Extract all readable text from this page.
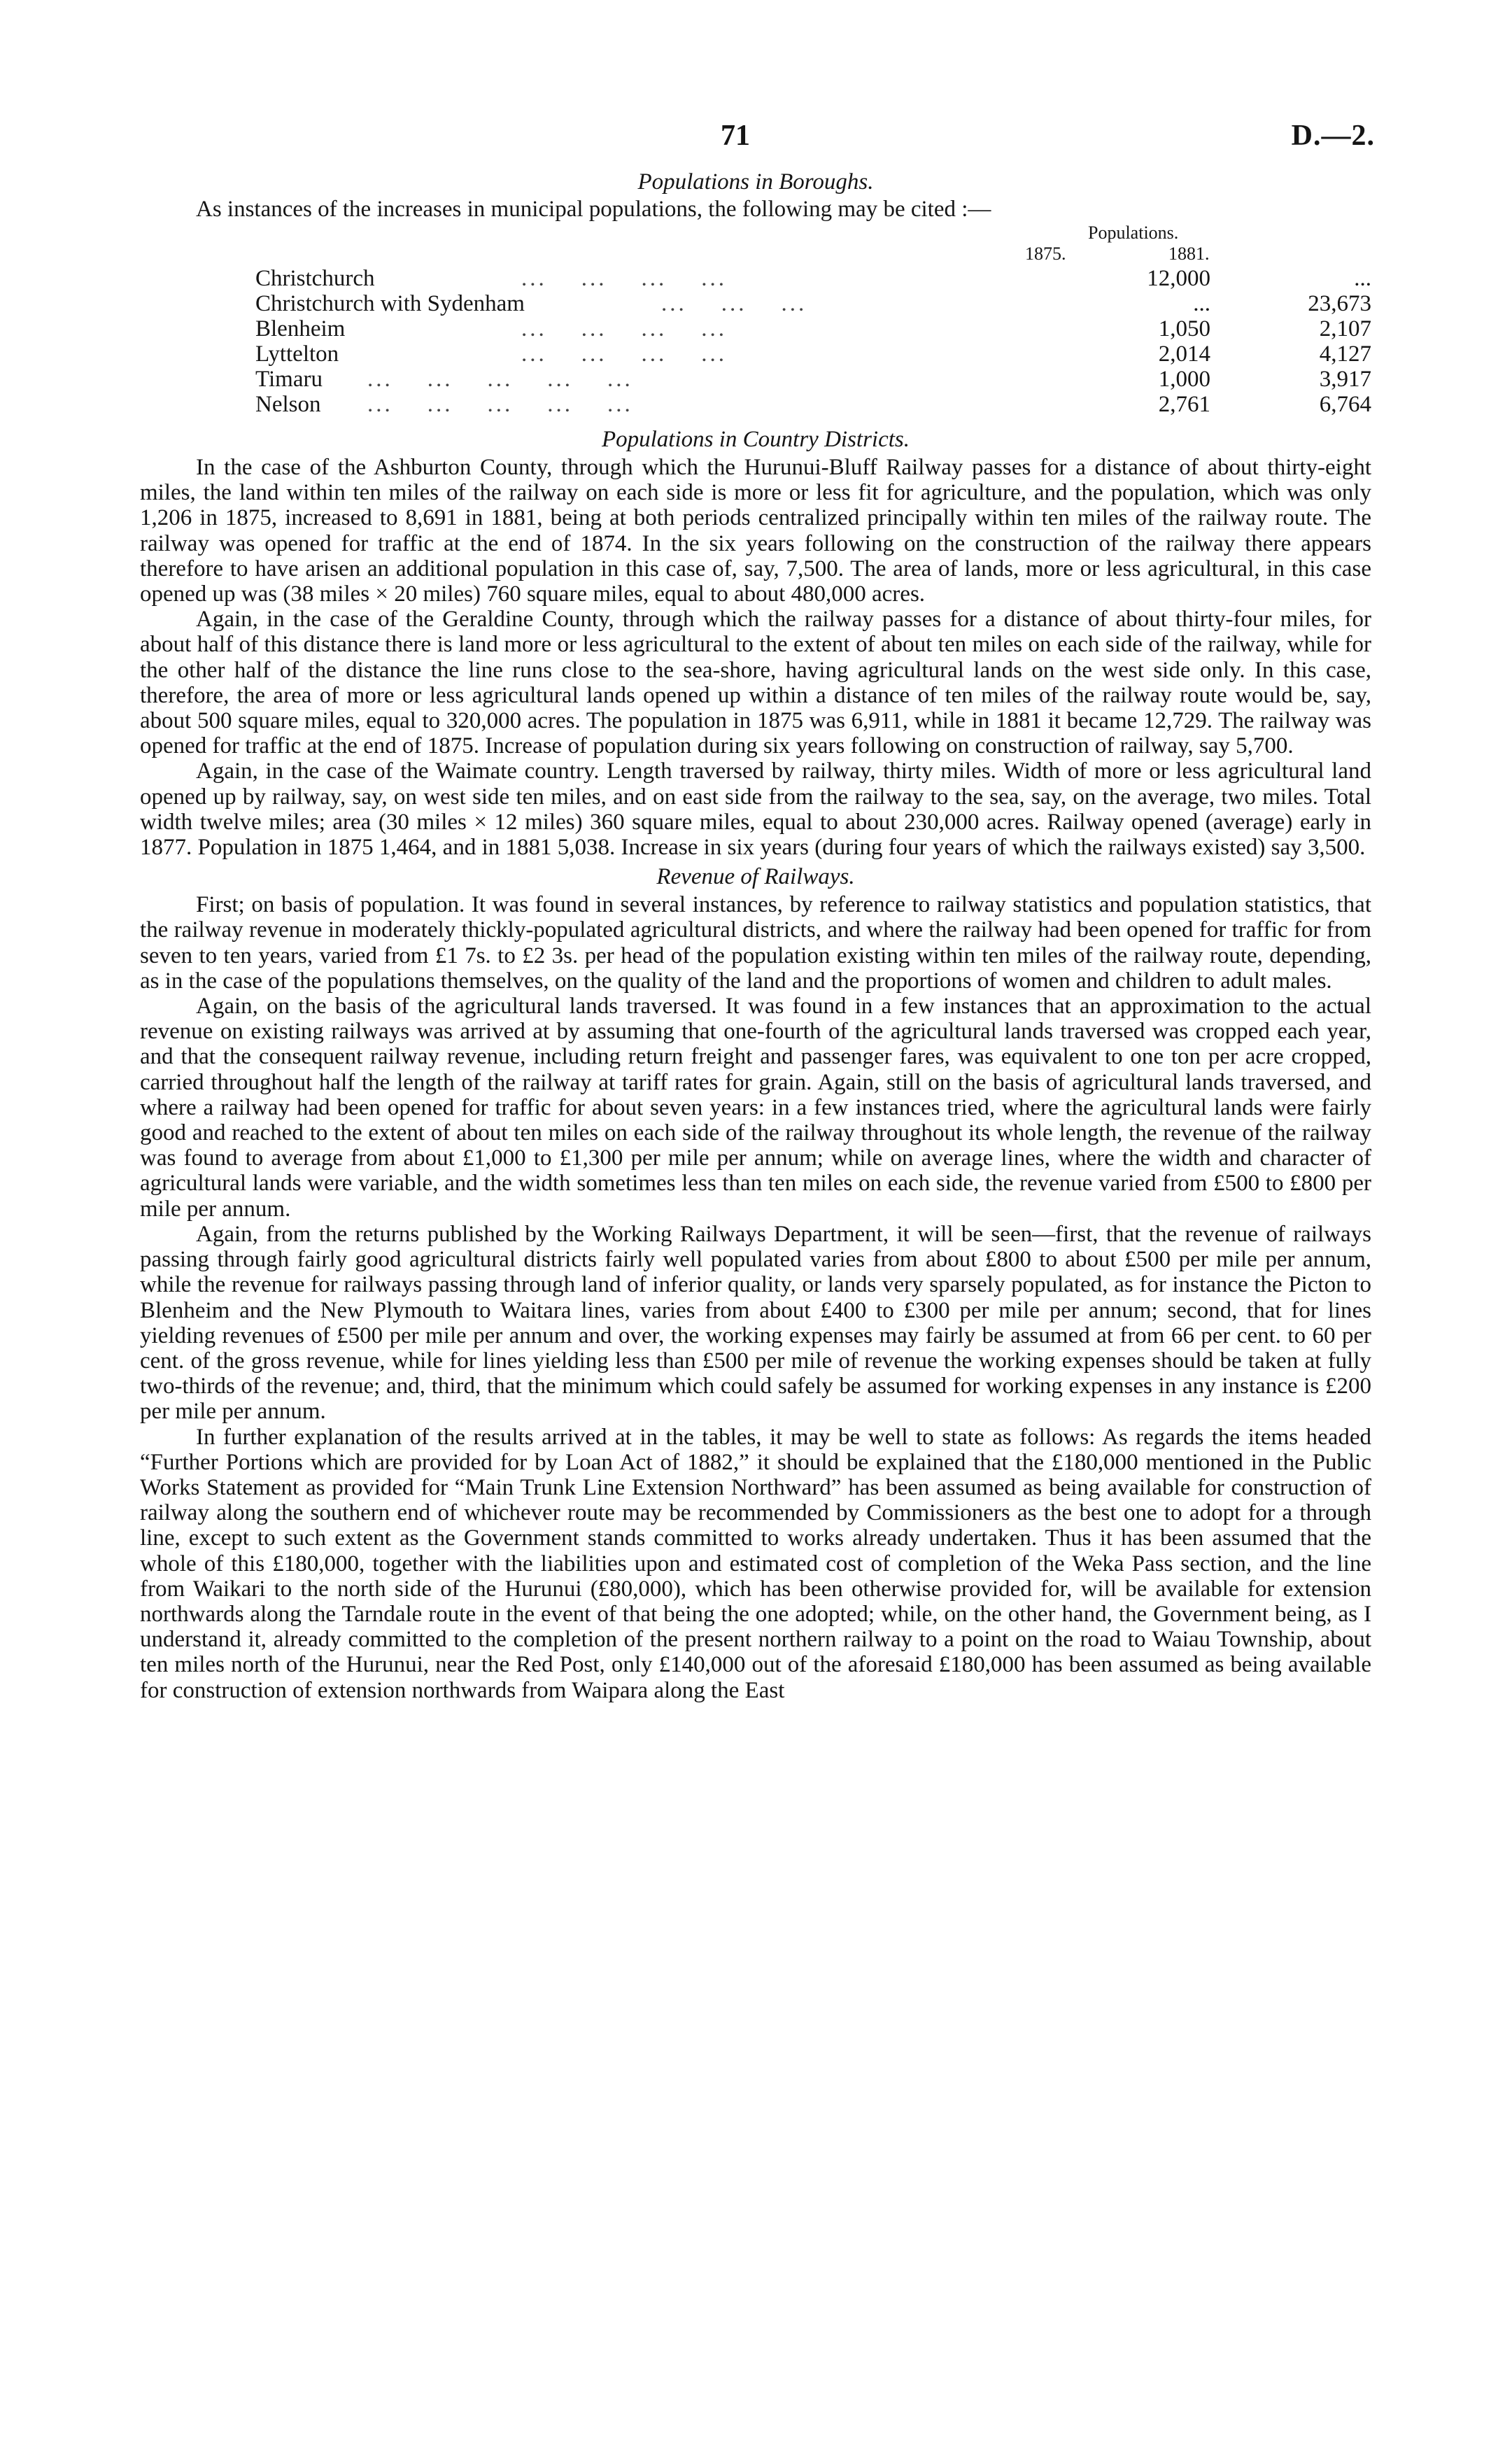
71	D.—2.

Populations in Boroughs.

As instances of the increases in municipal populations, the following may be cited :—

Populations.
1875.	1881.
...    ...    ...    ...
Christchurch	12,000	...
...    ...    ...
Christchurch with Sydenham	...	23,673
...    ...    ...    ...
Blenheim	1,050	2,107
...    ...    ...    ...
Lyttelton	2,014	4,127
...    ...    ...    ...    ...
Timaru	1,000	3,917
...    ...    ...    ...    ...
Nelson	2,761	6,764

Populations in Country Districts.

In the case of the Ashburton County, through which the Hurunui-Bluff Railway passes for a distance of about thirty-eight miles, the land within ten miles of the railway on each side is more or less fit for agriculture, and the population, which was only 1,206 in 1875, increased to 8,691 in 1881, being at both periods centralized principally within ten miles of the railway route. The railway was opened for traffic at the end of 1874. In the six years following on the construction of the railway there appears therefore to have arisen an additional population in this case of, say, 7,500. The area of lands, more or less agricultural, in this case opened up was (38 miles × 20 miles) 760 square miles, equal to about 480,000 acres.

Again, in the case of the Geraldine County, through which the railway passes for a distance of about thirty-four miles, for about half of this distance there is land more or less agricultural to the extent of about ten miles on each side of the railway, while for the other half of the distance the line runs close to the sea-shore, having agricultural lands on the west side only. In this case, therefore, the area of more or less agricultural lands opened up within a distance of ten miles of the railway route would be, say, about 500 square miles, equal to 320,000 acres. The population in 1875 was 6,911, while in 1881 it became 12,729. The railway was opened for traffic at the end of 1875. Increase of population during six years following on construction of railway, say 5,700.

Again, in the case of the Waimate country. Length traversed by railway, thirty miles. Width of more or less agricultural land opened up by railway, say, on west side ten miles, and on east side from the railway to the sea, say, on the average, two miles. Total width twelve miles; area (30 miles × 12 miles) 360 square miles, equal to about 230,000 acres. Railway opened (average) early in 1877. Population in 1875 1,464, and in 1881 5,038. Increase in six years (during four years of which the railways existed) say 3,500.

Revenue of Railways.

First; on basis of population. It was found in several instances, by reference to railway statistics and population statistics, that the railway revenue in moderately thickly-populated agricultural districts, and where the railway had been opened for traffic for from seven to ten years, varied from £1 7s. to £2 3s. per head of the population existing within ten miles of the railway route, depending, as in the case of the populations themselves, on the quality of the land and the proportions of women and children to adult males.

Again, on the basis of the agricultural lands traversed. It was found in a few instances that an approximation to the actual revenue on existing railways was arrived at by assuming that one-fourth of the agricultural lands traversed was cropped each year, and that the consequent railway revenue, including return freight and passenger fares, was equivalent to one ton per acre cropped, carried throughout half the length of the railway at tariff rates for grain. Again, still on the basis of agricultural lands traversed, and where a railway had been opened for traffic for about seven years: in a few instances tried, where the agricultural lands were fairly good and reached to the extent of about ten miles on each side of the railway throughout its whole length, the revenue of the railway was found to average from about £1,000 to £1,300 per mile per annum; while on average lines, where the width and character of agricultural lands were variable, and the width sometimes less than ten miles on each side, the revenue varied from £500 to £800 per mile per annum.

Again, from the returns published by the Working Railways Department, it will be seen—first, that the revenue of railways passing through fairly good agricultural districts fairly well populated varies from about £800 to about £500 per mile per annum, while the revenue for railways passing through land of inferior quality, or lands very sparsely populated, as for instance the Picton to Blenheim and the New Plymouth to Waitara lines, varies from about £400 to £300 per mile per annum; second, that for lines yielding revenues of £500 per mile per annum and over, the working expenses may fairly be assumed at from 66 per cent. to 60 per cent. of the gross revenue, while for lines yielding less than £500 per mile of revenue the working expenses should be taken at fully two-thirds of the revenue; and, third, that the minimum which could safely be assumed for working expenses in any instance is £200 per mile per annum.

In further explanation of the results arrived at in the tables, it may be well to state as follows: As regards the items headed “Further Portions which are provided for by Loan Act of 1882,” it should be explained that the £180,000 mentioned in the Public Works Statement as provided for “Main Trunk Line Extension Northward” has been assumed as being available for construction of railway along the southern end of whichever route may be recommended by Commissioners as the best one to adopt for a through line, except to such extent as the Government stands committed to works already undertaken. Thus it has been assumed that the whole of this £180,000, together with the liabilities upon and estimated cost of completion of the Weka Pass section, and the line from Waikari to the north side of the Hurunui (£80,000), which has been otherwise provided for, will be available for extension northwards along the Tarndale route in the event of that being the one adopted; while, on the other hand, the Government being, as I understand it, already committed to the completion of the present northern railway to a point on the road to Waiau Township, about ten miles north of the Hurunui, near the Red Post, only £140,000 out of the aforesaid £180,000 has been assumed as being available for construction of extension northwards from Waipara along the East
